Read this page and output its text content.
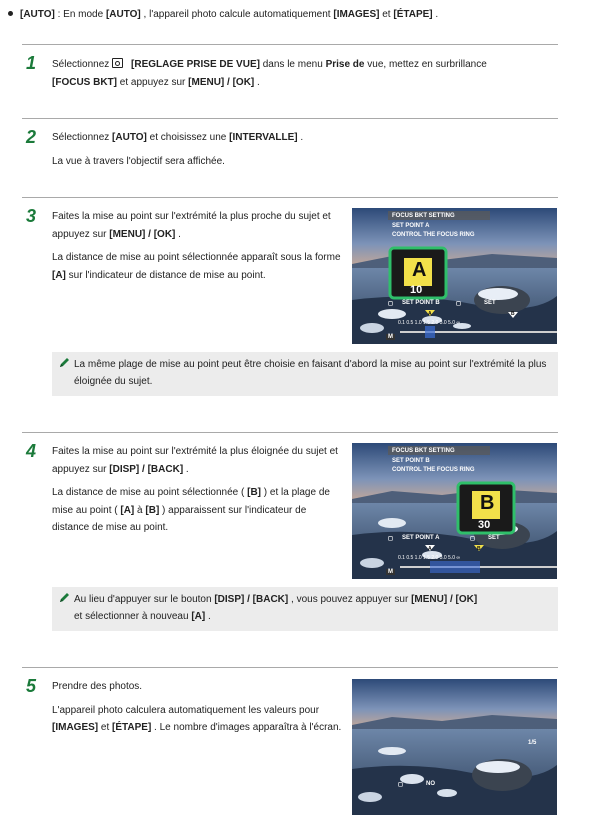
[AUTO] : En mode [AUTO] , l'appareil photo calcule automatiquement [IMAGES] et [ÉTAPE] .
1 Sélectionnez
[REGLAGE PRISE DE VUE] dans le menu Prise de vue, mettez en surbrillance
[FOCUS BKT] et appuyez sur [MENU] / [OK] .
2 Sélectionnez [AUTO] et choisissez une [INTERVALLE] .

La vue à travers l'objectif sera affichée.

3 Faites la mise au point sur l'extrémité la plus proche du sujet et appuyez sur [MENU] / [OK] .

La distance de mise au point sélectionnée apparaît sous la forme [A] sur l'indicateur de distance de mise au point.

FOCUS BKT SETTING
SET POINT A
CONTROL THE FOCUS RING
A
10
◻ SET POINT B	◻	SET
A	B
0.1 0.5 1.0 1.5 2.0 3.0 5.0 ∞
M
La même plage de mise au point peut être choisie en faisant d'abord la mise au point sur l'extrémité la plus éloignée du sujet.
4 Faites la mise au point sur l'extrémité la plus éloignée du sujet et appuyez sur [DISP] / [BACK] .

La distance de mise au point sélectionnée ( [B] ) et la plage de mise au point ( [A] à [B] ) apparaissent sur l'indicateur de distance de mise au point.

FOCUS BKT SETTING
SET POINT B
CONTROL THE FOCUS RING
B
30
◻ SET POINT A	◻ SET
A	B
0.1 0.5 1.0 1.5 2.0 3.0 5.0 ∞
M
Au lieu d'appuyer sur le bouton [DISP] / [BACK] , vous pouvez appuyer sur [MENU] / [OK]
et sélectionner à nouveau [A] .
5 Prendre des photos.

L'appareil photo calculera automatiquement les valeurs pour [IMAGES] et [ÉTAPE] . Le nombre d'images apparaîtra à l'écran.

1/5
◻	NO
